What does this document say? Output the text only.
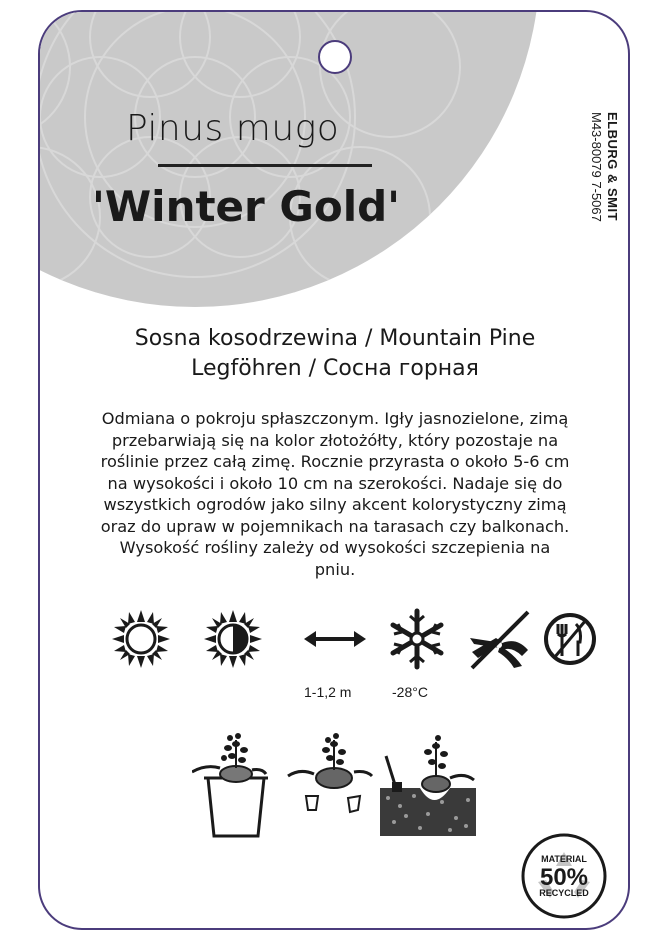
Pinus mugo
'Winter Gold'	ELBURG & SMIT
M43-80079 7-5067
Sosna kosodrzewina / Mountain Pine
Legföhren / Сосна горная
Odmiana o pokroju spłaszczonym. Igły jasnozielone, zimą
przebarwiają się na kolor złotożółty, który pozostaje na
roślinie przez całą zimę. Rocznie przyrasta o około 5-6 cm
na wysokości i około 10 cm na szerokości. Nadaje się do
wszystkich ogrodów jako silny akcent kolorystyczny zimą
oraz do upraw w pojemnikach na tarasach czy balkonach.
Wysokość rośliny zależy od wysokości szczepienia na
pniu.
1-1,2 m	-28°C
MATERIAL
50%
RECYCLED
